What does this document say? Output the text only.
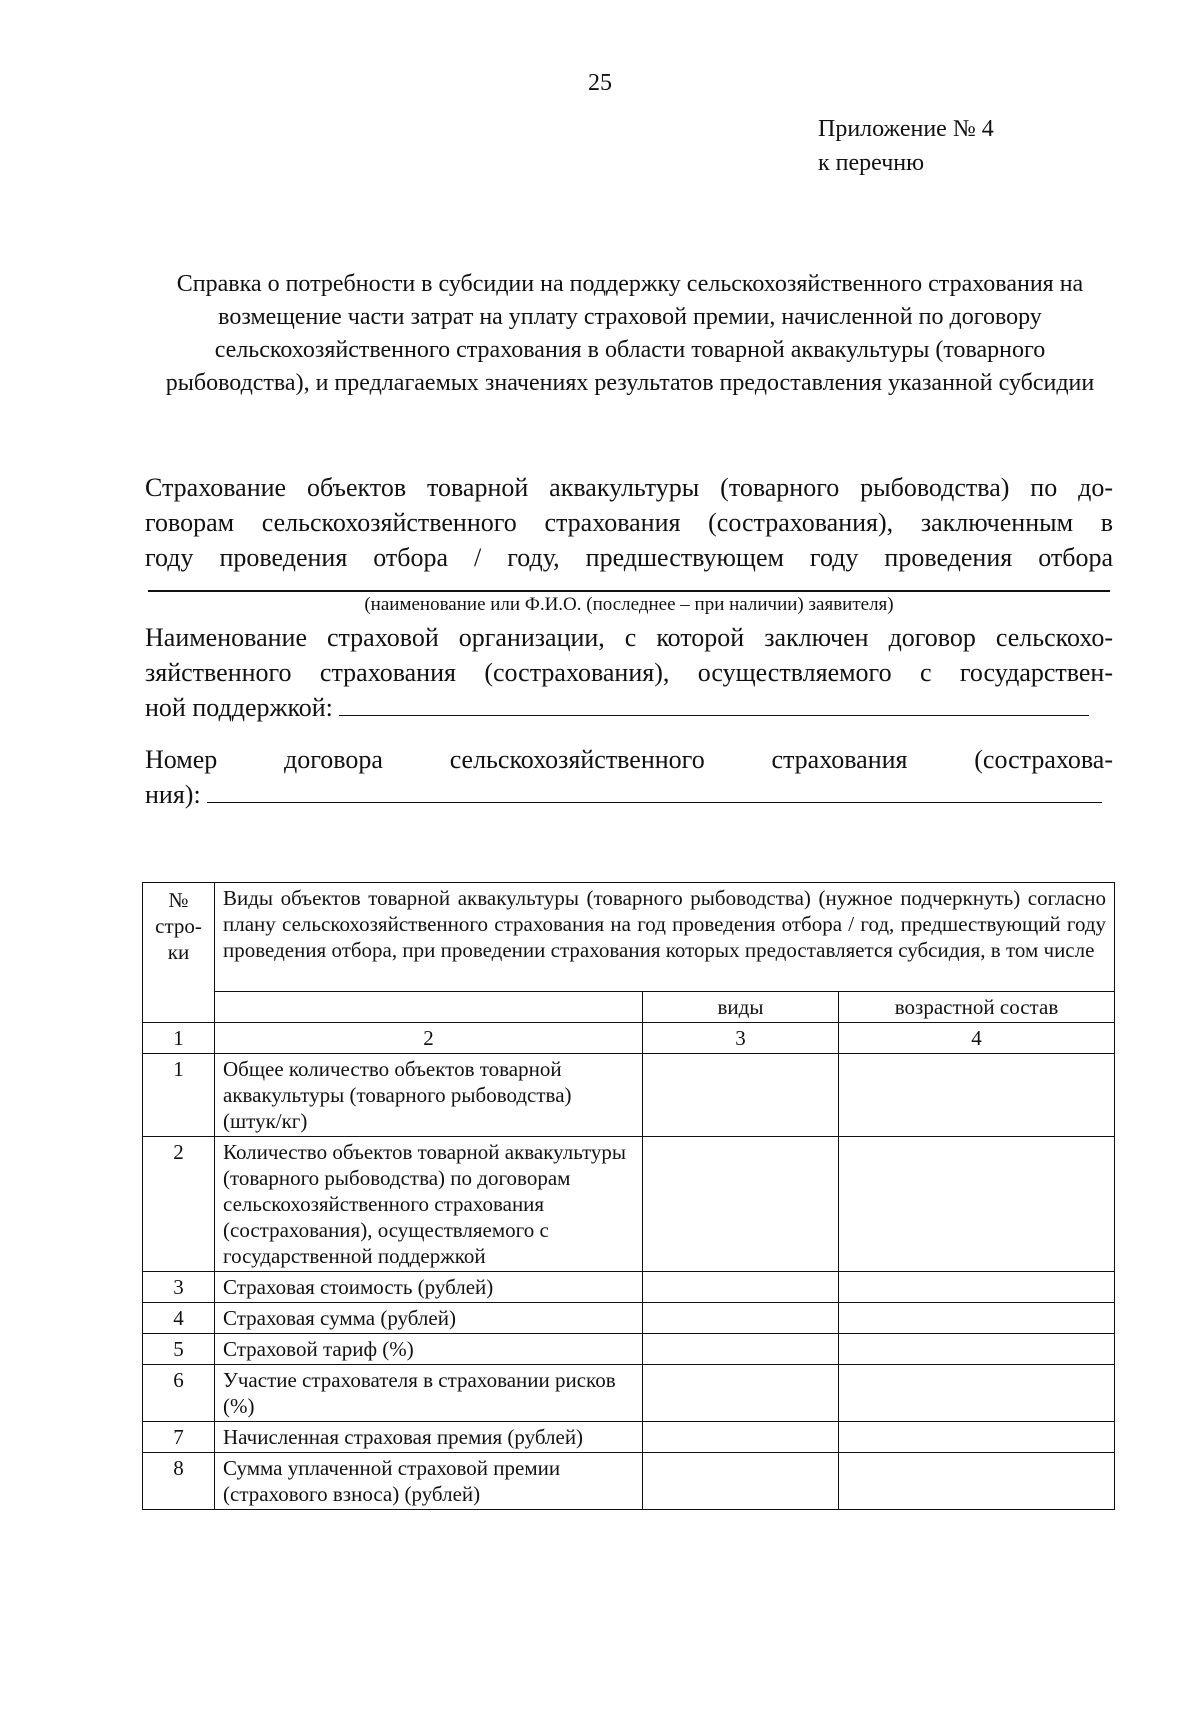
25
Приложение № 4
к перечню

Справка о потребности в субсидии на поддержку сельскохозяйственного страхования на возмещение части затрат на уплату страховой премии, начисленной по договору сельскохозяйственного страхования в области товарной аквакультуры (товарного рыбоводства), и предлагаемых значениях результатов предоставления указанной субсидии

Страхование объектов товарной аквакультуры (товарного рыбоводства) по до-
говорам сельскохозяйственного страхования (сострахования), заключенным в
году проведения отбора / году, предшествующем году проведения отбора
(наименование или Ф.И.О. (последнее – при наличии) заявителя)
Наименование страховой организации, с которой заключен договор сельскохо-
зяйственного страхования (сострахования), осуществляемого с государствен-
ной поддержкой:
Номер договора сельскохозяйственного страхования (сострахова-
ния):
№ стро-ки	Виды объектов товарной аквакультуры (товарного рыбоводства) (нужное подчеркнуть) согласно плану сельскохозяйственного страхования на год проведения отбора / год, предшествующий году проведения отбора, при проведении страхования которых предоставляется субсидия, в том числе		
		виды	возрастной состав
1	2	3	4
1	Общее количество объектов товарной аквакультуры (товарного рыбоводства) (штук/кг)		
2	Количество объектов товарной аквакультуры (товарного рыбоводства) по договорам сельскохозяйственного страхования (сострахования), осуществляемого с государственной поддержкой		
3	Страховая стоимость (рублей)		
4	Страховая сумма (рублей)		
5	Страховой тариф (%)		
6	Участие страхователя в страховании рисков (%)		
7	Начисленная страховая премия (рублей)		
8	Сумма уплаченной страховой премии (страхового взноса) (рублей)		
